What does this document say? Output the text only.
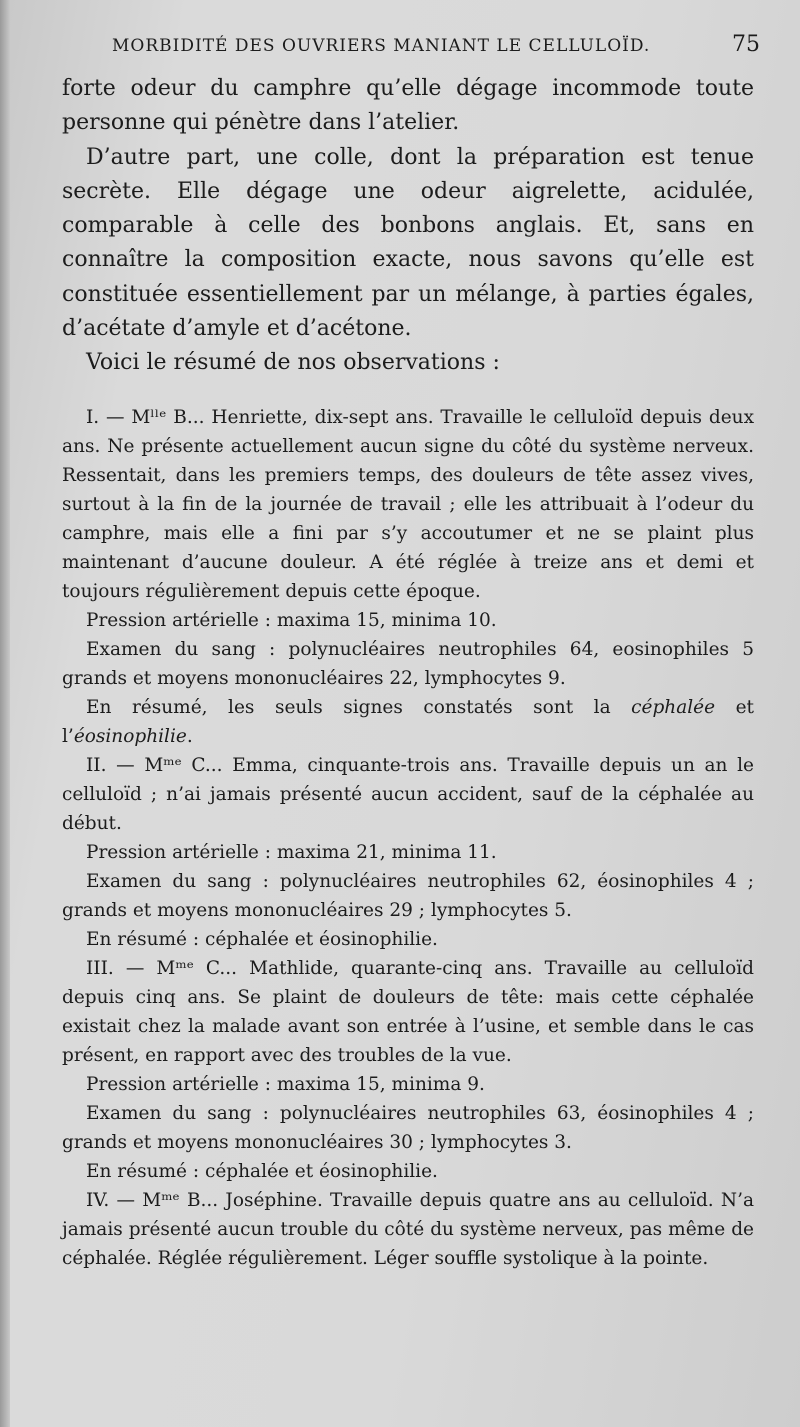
MORBIDITÉ DES OUVRIERS MANIANT LE CELLULOÏD.	75

forte odeur du camphre qu’elle dégage incommode toute personne qui pénètre dans l’atelier.

D’autre part, une colle, dont la préparation est tenue secrète. Elle dégage une odeur aigrelette, acidulée, comparable à celle des bonbons anglais. Et, sans en connaître la composition exacte, nous savons qu’elle est constituée essentiellement par un mélange, à parties égales, d’acétate d’amyle et d’acétone.

Voici le résumé de nos observations :

I. — Mˡˡᵉ B... Henriette, dix-sept ans. Travaille le celluloïd depuis deux ans. Ne présente actuellement aucun signe du côté du système nerveux. Ressentait, dans les premiers temps, des douleurs de tête assez vives, surtout à la fin de la journée de travail ; elle les attribuait à l’odeur du camphre, mais elle a fini par s’y accoutumer et ne se plaint plus maintenant d’aucune douleur. A été réglée à treize ans et demi et toujours régulièrement depuis cette époque.

Pression artérielle : maxima 15, minima 10.

Examen du sang : polynucléaires neutrophiles 64, eosinophiles 5 grands et moyens mononucléaires 22, lymphocytes 9.

En résumé, les seuls signes constatés sont la céphalée et l’éosinophilie.

II. — Mᵐᵉ C... Emma, cinquante-trois ans. Travaille depuis un an le celluloïd ; n’ai jamais présenté aucun accident, sauf de la céphalée au début.

Pression artérielle : maxima 21, minima 11.

Examen du sang : polynucléaires neutrophiles 62, éosinophiles 4 ; grands et moyens mononucléaires 29 ; lymphocytes 5.

En résumé : céphalée et éosinophilie.

III. — Mᵐᵉ C... Mathlide, quarante-cinq ans. Travaille au celluloïd depuis cinq ans. Se plaint de douleurs de tête: mais cette céphalée existait chez la malade avant son entrée à l’usine, et semble dans le cas présent, en rapport avec des troubles de la vue.

Pression artérielle : maxima 15, minima 9.

Examen du sang : polynucléaires neutrophiles 63, éosinophiles 4 ; grands et moyens mononucléaires 30 ; lymphocytes 3.

En résumé : céphalée et éosinophilie.

IV. — Mᵐᵉ B... Joséphine. Travaille depuis quatre ans au celluloïd. N’a jamais présenté aucun trouble du côté du système nerveux, pas même de céphalée. Réglée régulièrement. Léger souffle systolique à la pointe.
